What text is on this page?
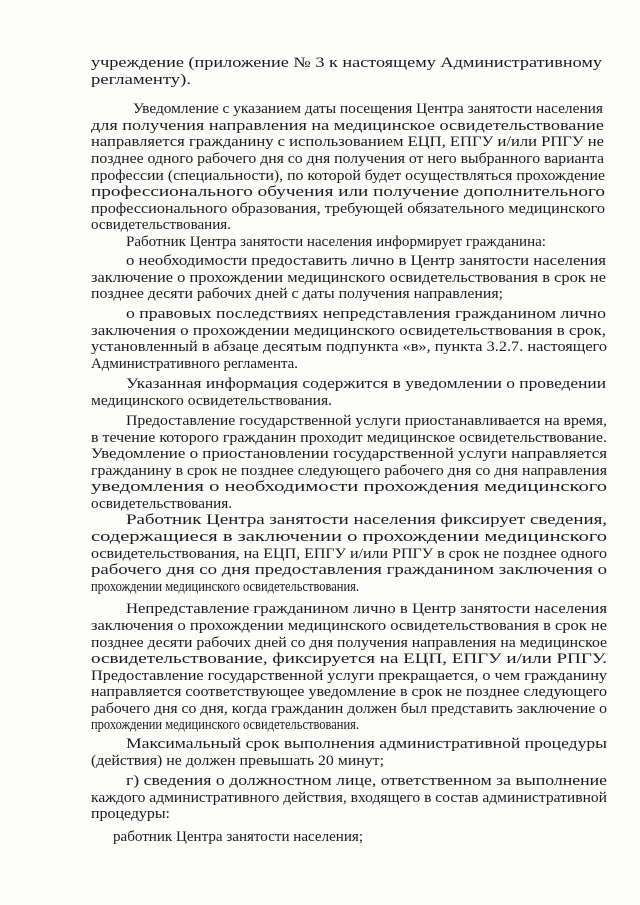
учреждение (приложение № 3 к настоящему Административному
регламенту).
Уведомление с указанием даты посещения Центра занятости населения
для получения направления на медицинское освидетельствование
направляется гражданину с использованием ЕЦП, ЕПГУ и/или РПГУ не
позднее одного рабочего дня со дня получения от него выбранного варианта
профессии (специальности), по которой будет осуществляться прохождение
профессионального обучения или получение дополнительного
профессионального образования, требующей обязательного медицинского
освидетельствования.
Работник Центра занятости населения информирует гражданина:
о необходимости предоставить лично в Центр занятости населения
заключение о прохождении медицинского освидетельствования в срок не
позднее десяти рабочих дней с даты получения направления;
о правовых последствиях непредставления гражданином лично
заключения о прохождении медицинского освидетельствования в срок,
установленный в абзаце десятым подпункта «в», пункта 3.2.7. настоящего
Административного регламента.
Указанная информация содержится в уведомлении о проведении
медицинского освидетельствования.
Предоставление государственной услуги приостанавливается на время,
в течение которого гражданин проходит медицинское освидетельствование.
Уведомление о приостановлении государственной услуги направляется
гражданину в срок не позднее следующего рабочего дня со дня направления
уведомления о необходимости прохождения медицинского
освидетельствования.
Работник Центра занятости населения фиксирует сведения,
содержащиеся в заключении о прохождении медицинского
освидетельствования, на ЕЦП, ЕПГУ и/или РПГУ в срок не позднее одного
рабочего дня со дня предоставления гражданином заключения о
прохождении медицинского освидетельствования.
Непредставление гражданином лично в Центр занятости населения
заключения о прохождении медицинского освидетельствования в срок не
позднее десяти рабочих дней со дня получения направления на медицинское
освидетельствование, фиксируется на ЕЦП, ЕПГУ и/или РПГУ.
Предоставление государственной услуги прекращается, о чем гражданину
направляется соответствующее уведомление в срок не позднее следующего
рабочего дня со дня, когда гражданин должен был представить заключение о
прохождении медицинского освидетельствования.
Максимальный срок выполнения административной процедуры
(действия) не должен превышать 20 минут;
г) сведения о должностном лице, ответственном за выполнение
каждого административного действия, входящего в состав административной
процедуры:
работник Центра занятости населения;
